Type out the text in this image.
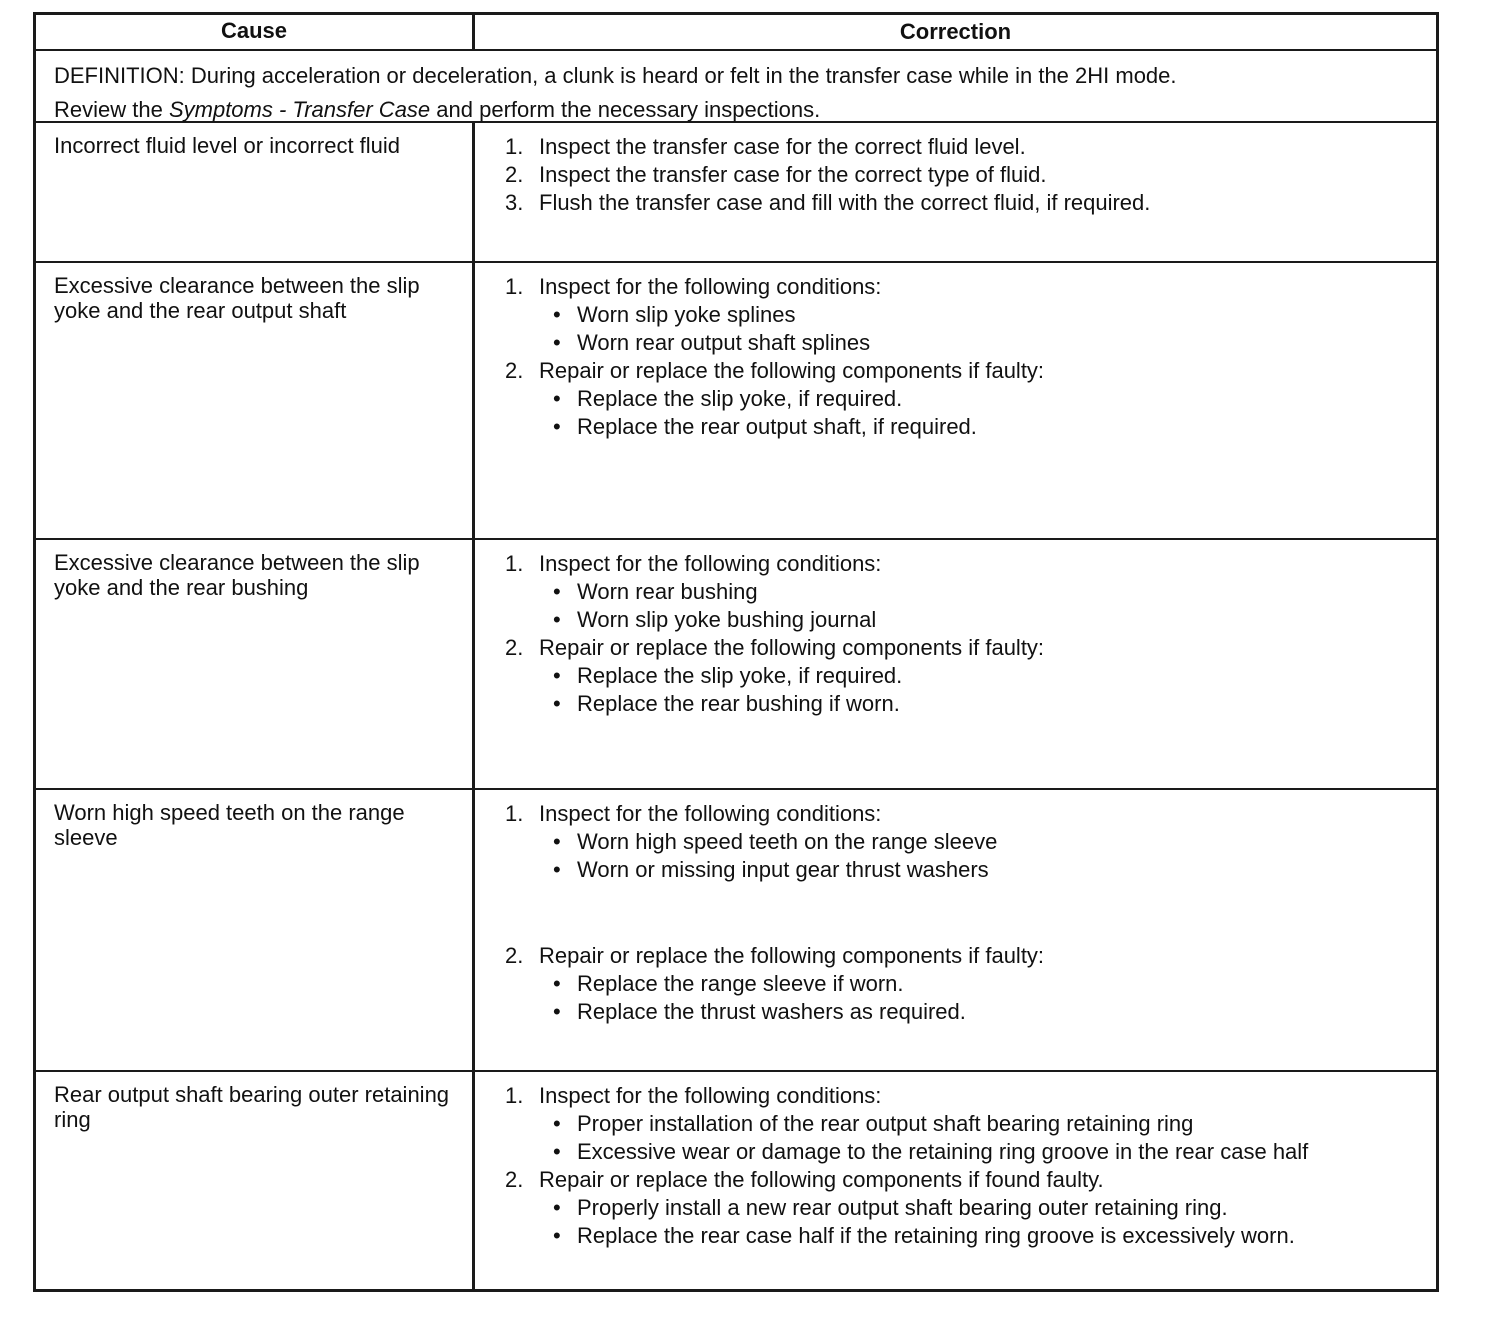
Cause	Correction
DEFINITION: During acceleration or deceleration, a clunk is heard or felt in the transfer case while in the 2HI mode.
Review the Symptoms - Transfer Case and perform the necessary inspections.
Incorrect fluid level or incorrect fluid	1. Inspect the transfer case for the correct fluid level.
2. Inspect the transfer case for the correct type of fluid.
3. Flush the transfer case and fill with the correct fluid, if required.
Excessive clearance between the slip yoke and the rear output shaft
1. Inspect for the following conditions:
• Worn slip yoke splines
• Worn rear output shaft splines
2. Repair or replace the following components if faulty:
• Replace the slip yoke, if required.
• Replace the rear output shaft, if required.
Excessive clearance between the slip yoke and the rear bushing
1. Inspect for the following conditions:
• Worn rear bushing
• Worn slip yoke bushing journal
2. Repair or replace the following components if faulty:
• Replace the slip yoke, if required.
• Replace the rear bushing if worn.
Worn high speed teeth on the range sleeve
1. Inspect for the following conditions:
• Worn high speed teeth on the range sleeve
• Worn or missing input gear thrust washers
2. Repair or replace the following components if faulty:
• Replace the range sleeve if worn.
• Replace the thrust washers as required.
Rear output shaft bearing outer retaining ring
1. Inspect for the following conditions:
• Proper installation of the rear output shaft bearing retaining ring
• Excessive wear or damage to the retaining ring groove in the rear case half
2. Repair or replace the following components if found faulty.
• Properly install a new rear output shaft bearing outer retaining ring.
• Replace the rear case half if the retaining ring groove is excessively worn.
